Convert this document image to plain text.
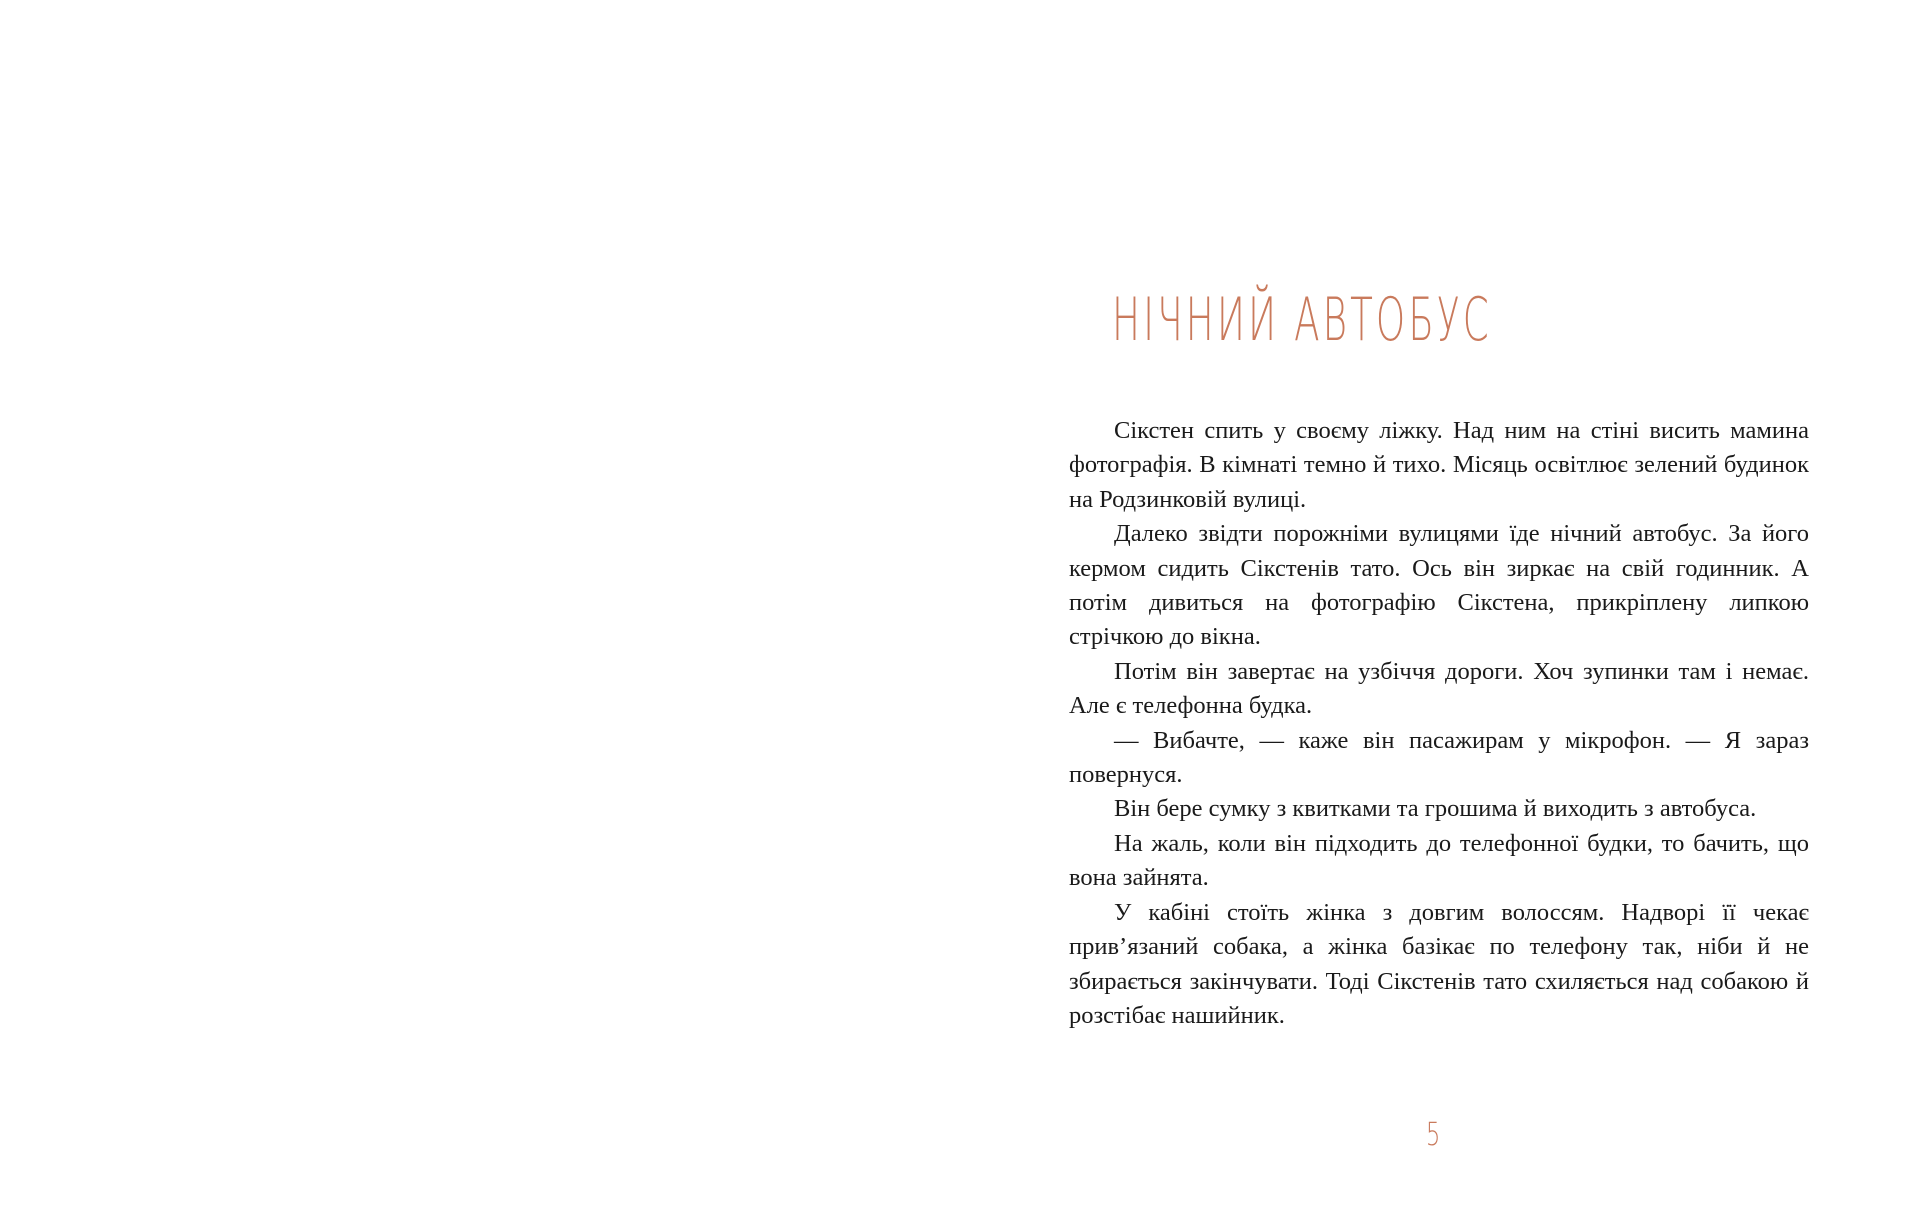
НІЧНИЙ АВТОБУС

Сікстен спить у своєму ліжку. Над ним на стіні висить мамина фотографія. В кімнаті темно й тихо. Місяць освітлює зелений будинок на Родзинковій вулиці.

Далеко звідти порожніми вулицями їде нічний автобус. За його кермом сидить Сікстенів тато. Ось він зиркає на свій годинник. А потім дивиться на фотографію Сікстена, прикріплену липкою стрічкою до вікна.

Потім він завертає на узбіччя дороги. Хоч зупинки там і немає. Але є телефонна будка.

— Вибачте, — каже він пасажирам у мікрофон. — Я зараз повернуся.

Він бере сумку з квитками та грошима й виходить з автобуса.

На жаль, коли він підходить до телефонної будки, то бачить, що вона зайнята.

У кабіні стоїть жінка з довгим волоссям. Надворі її чекає прив’язаний собака, а жінка базікає по телефону так, ніби й не збирається закінчувати. Тоді Сікстенів тато схиляється над собакою й розстібає нашийник.

5
